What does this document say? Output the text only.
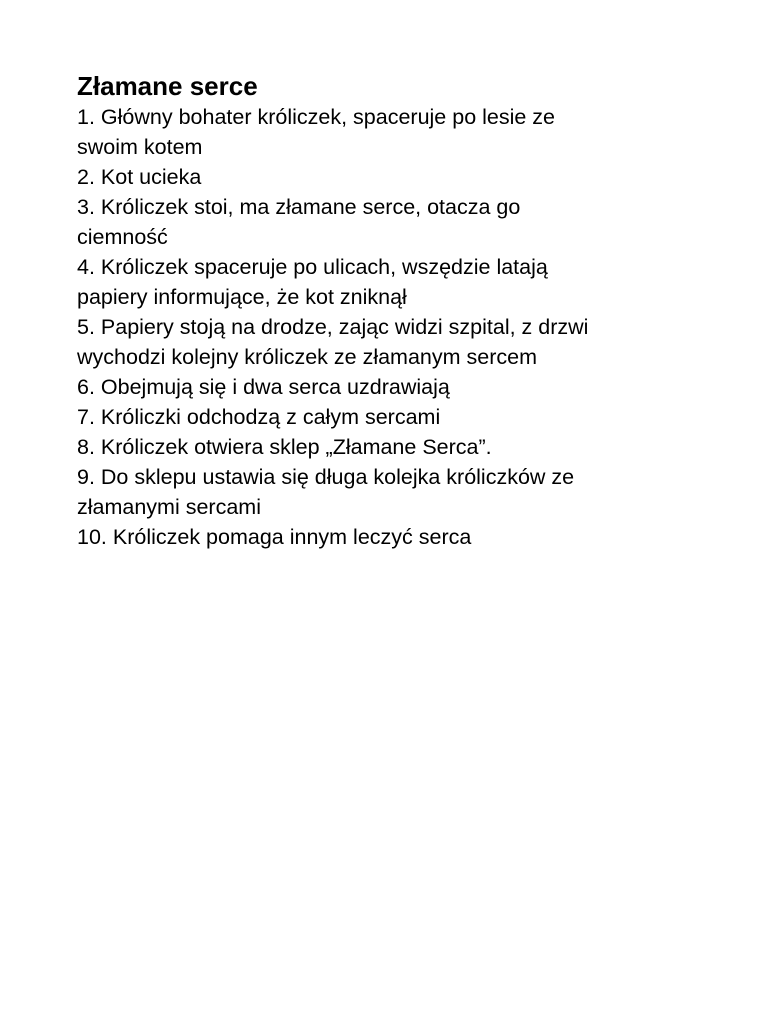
Złamane serce
1. Główny bohater króliczek, spaceruje po lesie ze swoim kotem
2. Kot ucieka
3. Króliczek stoi, ma złamane serce, otacza go ciemność
4. Króliczek spaceruje po ulicach, wszędzie latają papiery informujące, że kot zniknął
5. Papiery stoją na drodze, zając widzi szpital, z drzwi wychodzi kolejny króliczek ze złamanym sercem
6. Obejmują się i dwa serca uzdrawiają
7. Króliczki odchodzą z całym sercami
8. Króliczek otwiera sklep „Złamane Serca”.
9. Do sklepu ustawia się długa kolejka króliczków ze złamanymi sercami
10. Króliczek pomaga innym leczyć serca
